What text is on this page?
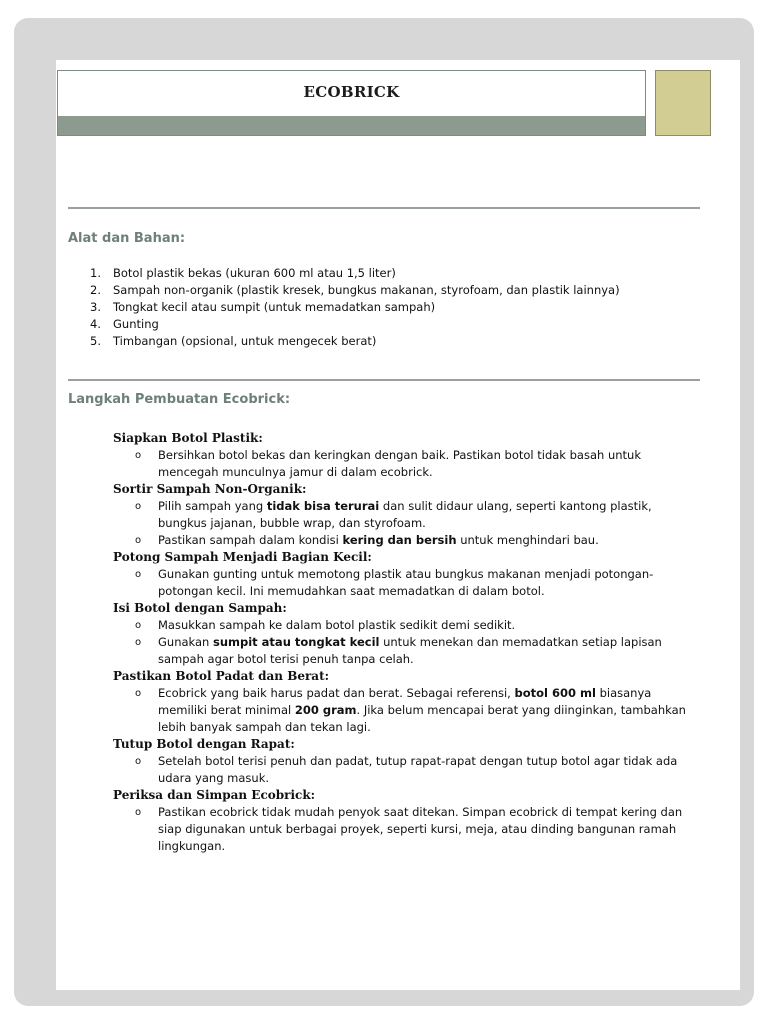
ECOBRICK
Alat dan Bahan:
1. Botol plastik bekas (ukuran 600 ml atau 1,5 liter)
2. Sampah non-organik (plastik kresek, bungkus makanan, styrofoam, dan plastik lainnya)
3. Tongkat kecil atau sumpit (untuk memadatkan sampah)
4. Gunting
5. Timbangan (opsional, untuk mengecek berat)
Langkah Pembuatan Ecobrick:
Siapkan Botol Plastik:
o Bersihkan botol bekas dan keringkan dengan baik. Pastikan botol tidak basah untuk mencegah munculnya jamur di dalam ecobrick.
Sortir Sampah Non-Organik:
o Pilih sampah yang tidak bisa terurai dan sulit didaur ulang, seperti kantong plastik, bungkus jajanan, bubble wrap, dan styrofoam.
o Pastikan sampah dalam kondisi kering dan bersih untuk menghindari bau.
Potong Sampah Menjadi Bagian Kecil:
o Gunakan gunting untuk memotong plastik atau bungkus makanan menjadi potongan-potongan kecil. Ini memudahkan saat memadatkan di dalam botol.
Isi Botol dengan Sampah:
o Masukkan sampah ke dalam botol plastik sedikit demi sedikit.
o Gunakan sumpit atau tongkat kecil untuk menekan dan memadatkan setiap lapisan sampah agar botol terisi penuh tanpa celah.
Pastikan Botol Padat dan Berat:
o Ecobrick yang baik harus padat dan berat. Sebagai referensi, botol 600 ml biasanya memiliki berat minimal 200 gram. Jika belum mencapai berat yang diinginkan, tambahkan lebih banyak sampah dan tekan lagi.
Tutup Botol dengan Rapat:
o Setelah botol terisi penuh dan padat, tutup rapat-rapat dengan tutup botol agar tidak ada udara yang masuk.
Periksa dan Simpan Ecobrick:
o Pastikan ecobrick tidak mudah penyok saat ditekan. Simpan ecobrick di tempat kering dan siap digunakan untuk berbagai proyek, seperti kursi, meja, atau dinding bangunan ramah lingkungan.
